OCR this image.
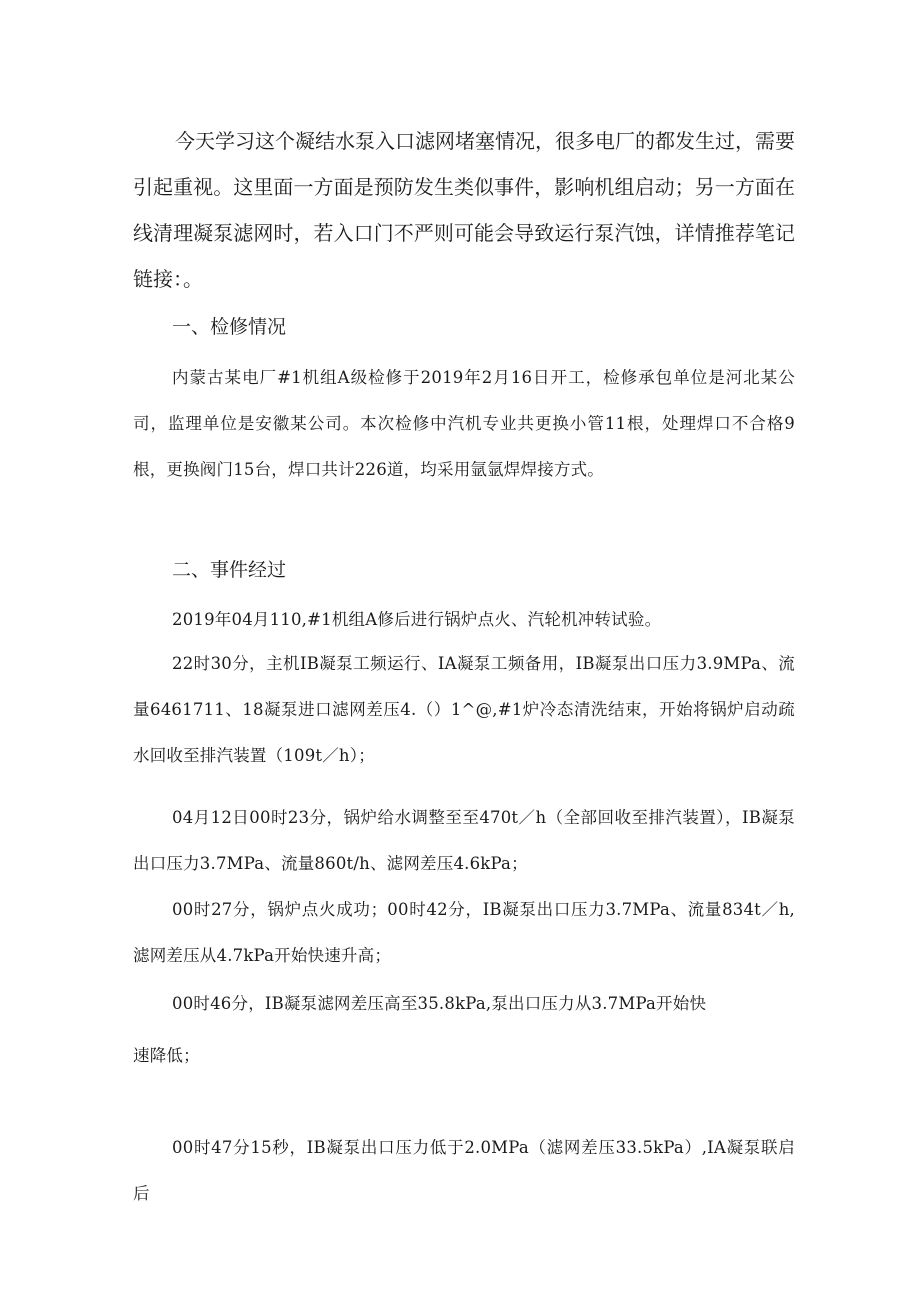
今天学习这个凝结水泵入口滤网堵塞情况，很多电厂的都发生过，需要引起重视。这里面一方面是预防发生类似事件，影响机组启动；另一方面在线清理凝泵滤网时，若入口门不严则可能会导致运行泵汽蚀，详情推荐笔记链接：。

一、检修情况

内蒙古某电厂#1机组A级检修于2019年2月16日开工，检修承包单位是河北某公司，监理单位是安徽某公司。本次检修中汽机专业共更换小管11根，处理焊口不合格9根，更换阀门15台，焊口共计226道，均采用氩氩焊焊接方式。

二、事件经过

2019年04月110,#1机组A修后进行锅炉点火、汽轮机冲转试验。

22时30分，主机IB凝泵工频运行、IA凝泵工频备用，IB凝泵出口压力3.9MPa、流量6461711、18凝泵进口滤网差压4.（）1^@,#1炉冷态清洗结束，开始将锅炉启动疏水回收至排汽装置（109t／h）；

04月12日00时23分，锅炉给水调整至至470t／h（全部回收至排汽装置），IB凝泵出口压力3.7MPa、流量860t/h、滤网差压4.6kPa；

00时27分，锅炉点火成功；00时42分，IB凝泵出口压力3.7MPa、流量834t／h,滤网差压从4.7kPa开始快速升高；

00时46分，IB凝泵滤网差压高至35.8kPa,泵出口压力从3.7MPa开始快

速降低；

00时47分15秒，IB凝泵出口压力低于2.0MPa（滤网差压33.5kPa）,IA凝泵联启后
